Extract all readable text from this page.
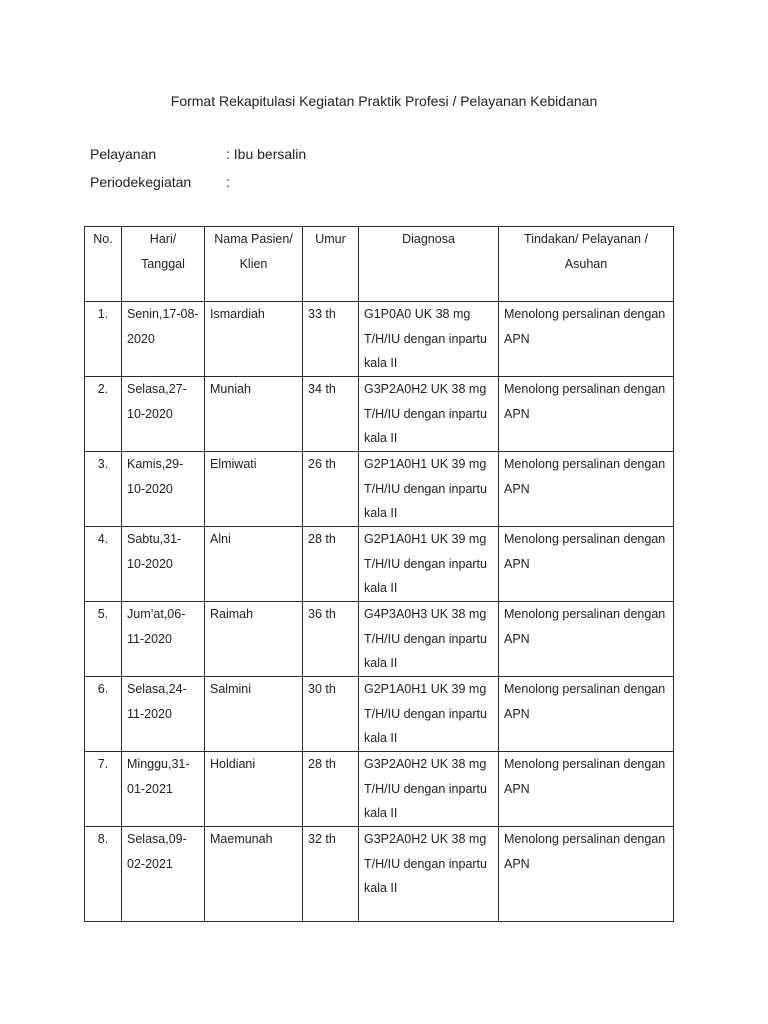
Format Rekapitulasi Kegiatan Praktik Profesi / Pelayanan Kebidanan
Pelayanan	: Ibu bersalin
Periodekegiatan	:
No.	Hari/ Tanggal	Nama Pasien/ Klien	Umur	Diagnosa	Tindakan/ Pelayanan / Asuhan
1.	Senin,17-08-2020	Ismardiah	33 th	G1P0A0 UK 38 mg T/H/IU dengan inpartu kala II	Menolong persalinan dengan APN
2.	Selasa,27-10-2020	Muniah	34 th	G3P2A0H2 UK 38 mg T/H/IU dengan inpartu kala II	Menolong persalinan dengan APN
3.	Kamis,29-10-2020	Elmiwati	26 th	G2P1A0H1 UK 39 mg T/H/IU dengan inpartu kala II	Menolong persalinan dengan APN
4.	Sabtu,31-10-2020	Alni	28 th	G2P1A0H1 UK 39 mg T/H/IU dengan inpartu kala II	Menolong persalinan dengan APN
5.	Jum’at,06-11-2020	Raimah	36 th	G4P3A0H3 UK 38 mg T/H/IU dengan inpartu kala II	Menolong persalinan dengan APN
6.	Selasa,24-11-2020	Salmini	30 th	G2P1A0H1 UK 39 mg T/H/IU dengan inpartu kala II	Menolong persalinan dengan APN
7.	Minggu,31-01-2021	Holdiani	28 th	G3P2A0H2 UK 38 mg T/H/IU dengan inpartu kala II	Menolong persalinan dengan APN
8.	Selasa,09-02-2021	Maemunah	32 th	G3P2A0H2 UK 38 mg T/H/IU dengan inpartu kala II	Menolong persalinan dengan APN
